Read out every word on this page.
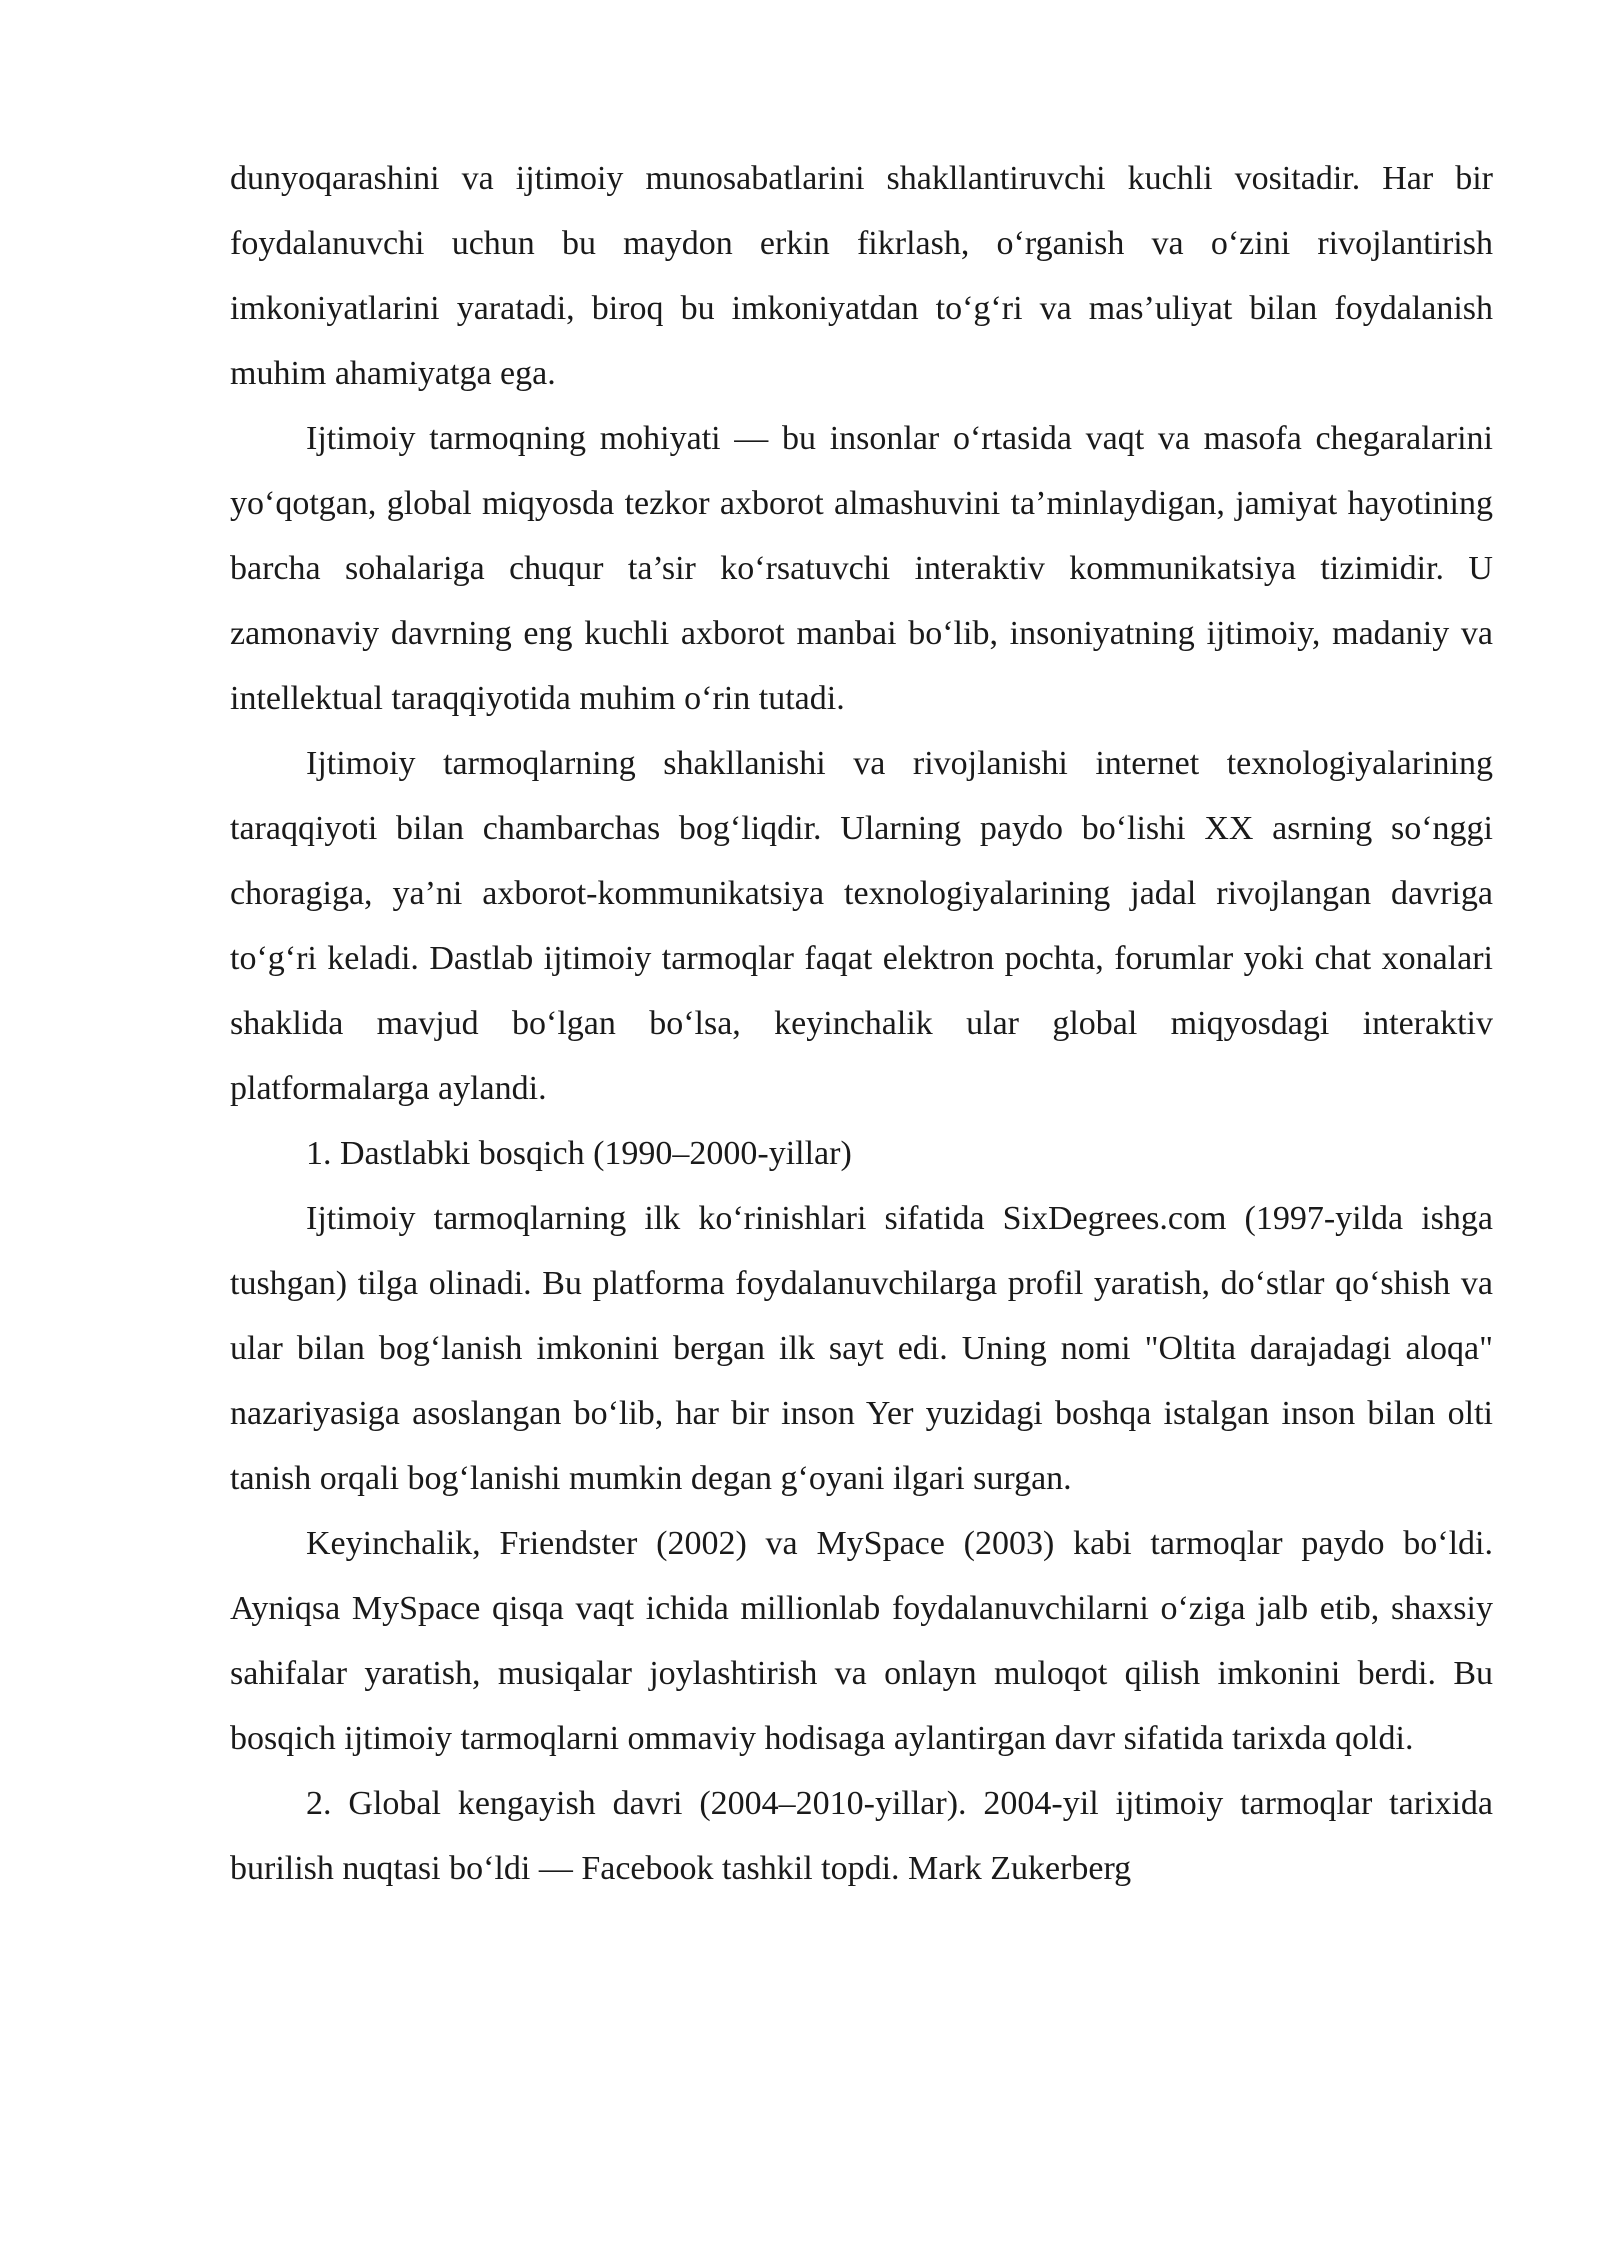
dunyoqarashini va ijtimoiy munosabatlarini shakllantiruvchi kuchli vositadir. Har bir foydalanuvchi uchun bu maydon erkin fikrlash, o‘rganish va o‘zini rivojlantirish imkoniyatlarini yaratadi, biroq bu imkoniyatdan to‘g‘ri va mas’uliyat bilan foydalanish muhim ahamiyatga ega.

Ijtimoiy tarmoqning mohiyati — bu insonlar o‘rtasida vaqt va masofa chegaralarini yo‘qotgan, global miqyosda tezkor axborot almashuvini ta’minlaydigan, jamiyat hayotining barcha sohalariga chuqur ta’sir ko‘rsatuvchi interaktiv kommunikatsiya tizimidir. U zamonaviy davrning eng kuchli axborot manbai bo‘lib, insoniyatning ijtimoiy, madaniy va intellektual taraqqiyotida muhim o‘rin tutadi.

Ijtimoiy tarmoqlarning shakllanishi va rivojlanishi internet texnologiyalarining taraqqiyoti bilan chambarchas bog‘liqdir. Ularning paydo bo‘lishi XX asrning so‘nggi choragiga, ya’ni axborot-kommunikatsiya texnologiyalarining jadal rivojlangan davriga to‘g‘ri keladi. Dastlab ijtimoiy tarmoqlar faqat elektron pochta, forumlar yoki chat xonalari shaklida mavjud bo‘lgan bo‘lsa, keyinchalik ular global miqyosdagi interaktiv platformalarga aylandi.

1. Dastlabki bosqich (1990–2000-yillar)

Ijtimoiy tarmoqlarning ilk ko‘rinishlari sifatida SixDegrees.com (1997-yilda ishga tushgan) tilga olinadi. Bu platforma foydalanuvchilarga profil yaratish, do‘stlar qo‘shish va ular bilan bog‘lanish imkonini bergan ilk sayt edi. Uning nomi "Oltita darajadagi aloqa" nazariyasiga asoslangan bo‘lib, har bir inson Yer yuzidagi boshqa istalgan inson bilan olti tanish orqali bog‘lanishi mumkin degan g‘oyani ilgari surgan.

Keyinchalik, Friendster (2002) va MySpace (2003) kabi tarmoqlar paydo bo‘ldi. Ayniqsa MySpace qisqa vaqt ichida millionlab foydalanuvchilarni o‘ziga jalb etib, shaxsiy sahifalar yaratish, musiqalar joylashtirish va onlayn muloqot qilish imkonini berdi. Bu bosqich ijtimoiy tarmoqlarni ommaviy hodisaga aylantirgan davr sifatida tarixda qoldi.

2. Global kengayish davri (2004–2010-yillar). 2004-yil ijtimoiy tarmoqlar tarixida burilish nuqtasi bo‘ldi — Facebook tashkil topdi. Mark Zukerberg
